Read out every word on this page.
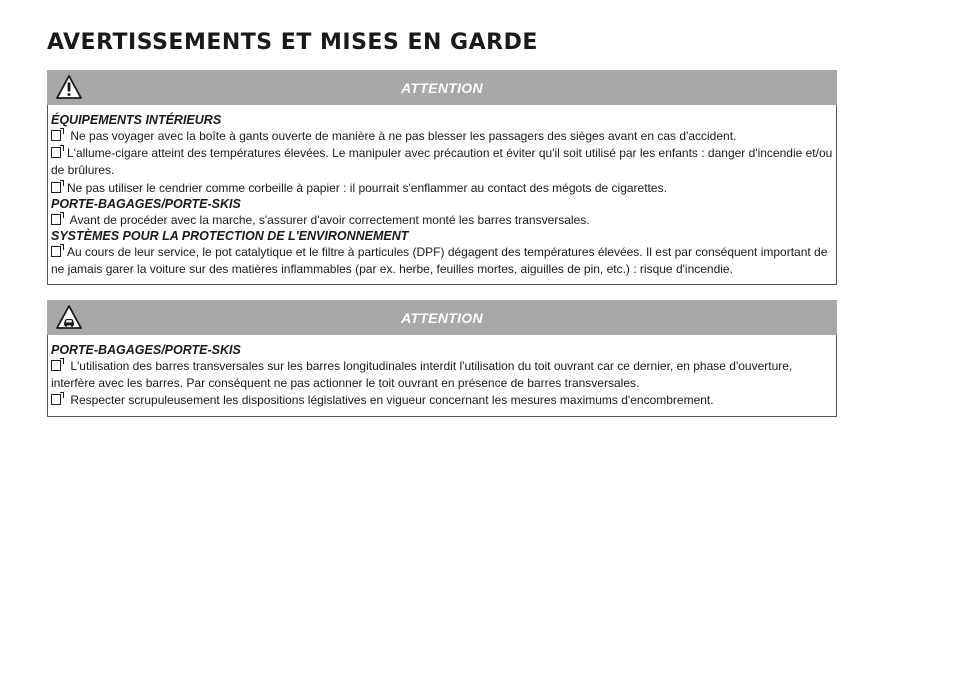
AVERTISSEMENTS ET MISES EN GARDE
ATTENTION
ÉQUIPEMENTS INTÉRIEURS

Ne pas voyager avec la boîte à gants ouverte de manière à ne pas blesser les passagers des sièges avant en cas d'accident.

L'allume-cigare atteint des températures élevées. Le manipuler avec précaution et éviter qu'il soit utilisé par les enfants : danger d'incendie et/ou de brûlures.

Ne pas utiliser le cendrier comme corbeille à papier : il pourrait s'enflammer au contact des mégots de cigarettes.

PORTE-BAGAGES/PORTE-SKIS

Avant de procéder avec la marche, s'assurer d'avoir correctement monté les barres transversales.

SYSTÈMES POUR LA PROTECTION DE L'ENVIRONNEMENT

Au cours de leur service, le pot catalytique et le filtre à particules (DPF) dégagent des températures élevées. Il est par conséquent important de ne jamais garer la voiture sur des matières inflammables (par ex. herbe, feuilles mortes, aiguilles de pin, etc.) : risque d'incendie.

ATTENTION
PORTE-BAGAGES/PORTE-SKIS

L'utilisation des barres transversales sur les barres longitudinales interdit l'utilisation du toit ouvrant car ce dernier, en phase d'ouverture, interfère avec les barres. Par conséquent ne pas actionner le toit ouvrant en présence de barres transversales.

Respecter scrupuleusement les dispositions législatives en vigueur concernant les mesures maximums d'encombrement.
